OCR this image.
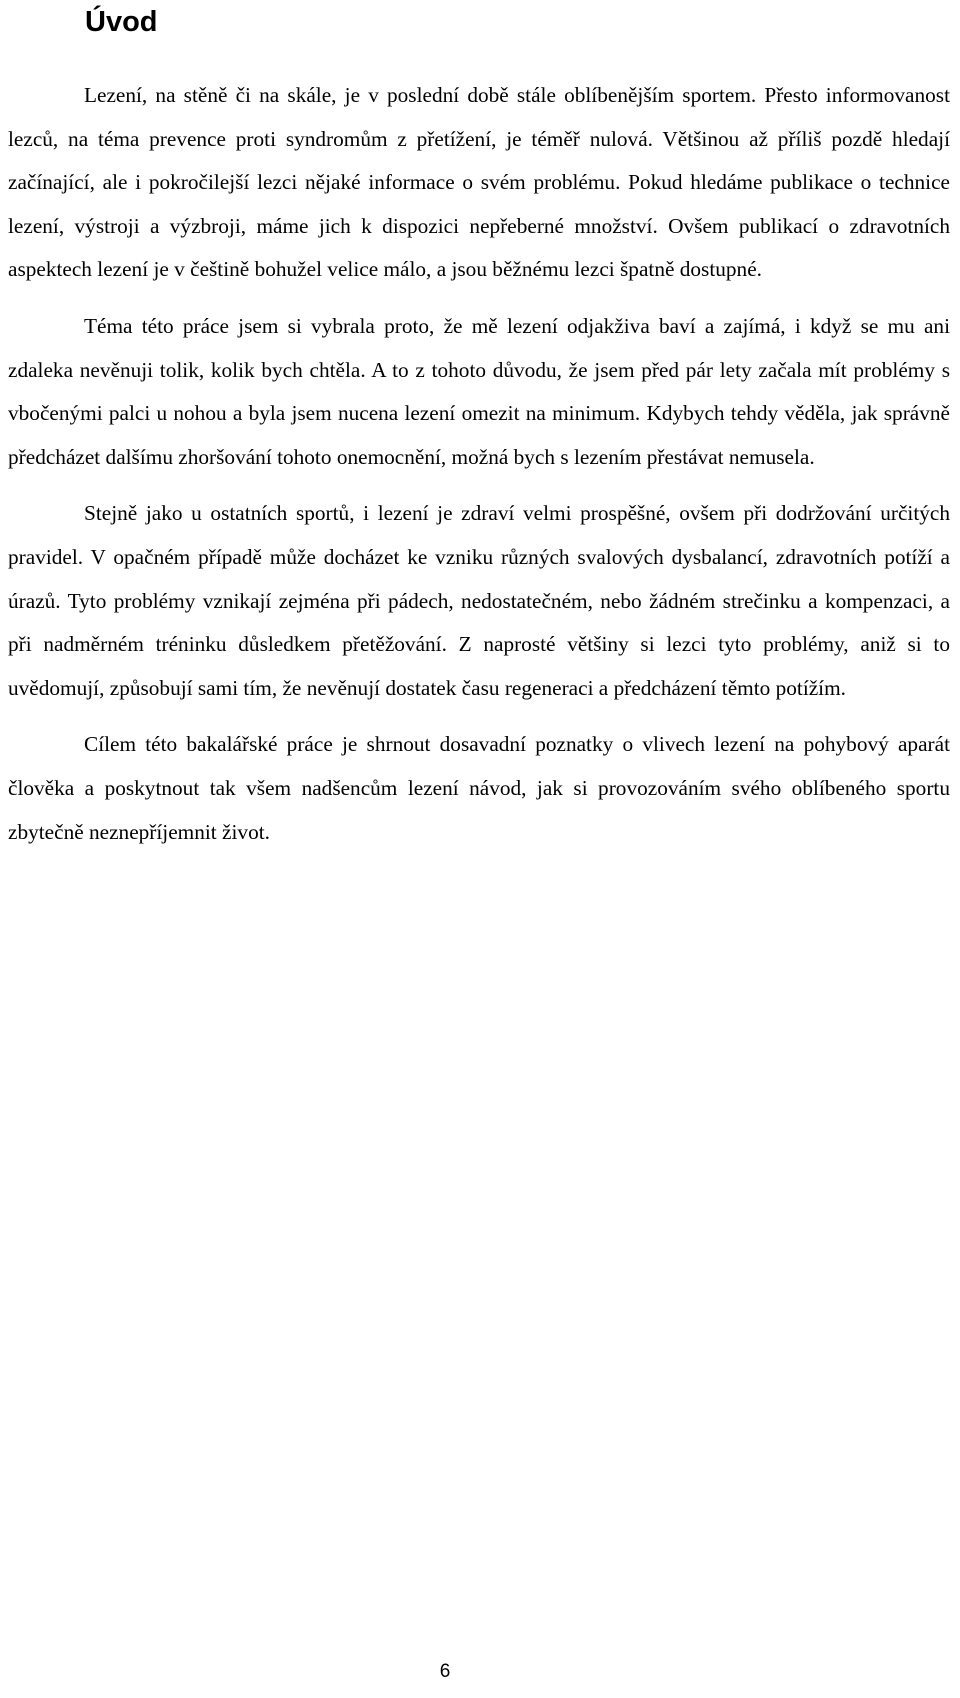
Úvod

Lezení, na stěně či na skále, je v poslední době stále oblíbenějším sportem. Přesto informovanost lezců, na téma prevence proti syndromům z přetížení, je téměř nulová. Většinou až příliš pozdě hledají začínající, ale i pokročilejší lezci nějaké informace o svém problému. Pokud hledáme publikace o technice lezení, výstroji a výzbroji, máme jich k dispozici nepřeberné množství. Ovšem publikací o zdravotních aspektech lezení je v češtině bohužel velice málo, a jsou běžnému lezci špatně dostupné.

Téma této práce jsem si vybrala proto, že mě lezení odjakživa baví a zajímá, i když se mu ani zdaleka nevěnuji tolik, kolik bych chtěla. A to z tohoto důvodu, že jsem před pár lety začala mít problémy s vbočenými palci u nohou a byla jsem nucena lezení omezit na minimum. Kdybych tehdy věděla, jak správně předcházet dalšímu zhoršování tohoto onemocnění, možná bych s lezením přestávat nemusela.

Stejně jako u ostatních sportů, i lezení je zdraví velmi prospěšné, ovšem při dodržování určitých pravidel. V opačném případě může docházet ke vzniku různých svalových dysbalancí, zdravotních potíží a úrazů. Tyto problémy vznikají zejména při pádech, nedostatečném, nebo žádném strečinku a kompenzaci, a při nadměrném tréninku důsledkem přetěžování. Z naprosté většiny si lezci tyto problémy, aniž si to uvědomují, způsobují sami tím, že nevěnují dostatek času regeneraci a předcházení těmto potížím.

Cílem této bakalářské práce je shrnout dosavadní poznatky o vlivech lezení na pohybový aparát člověka a poskytnout tak všem nadšencům lezení návod, jak si provozováním svého oblíbeného sportu zbytečně neznepříjemnit život.

6
